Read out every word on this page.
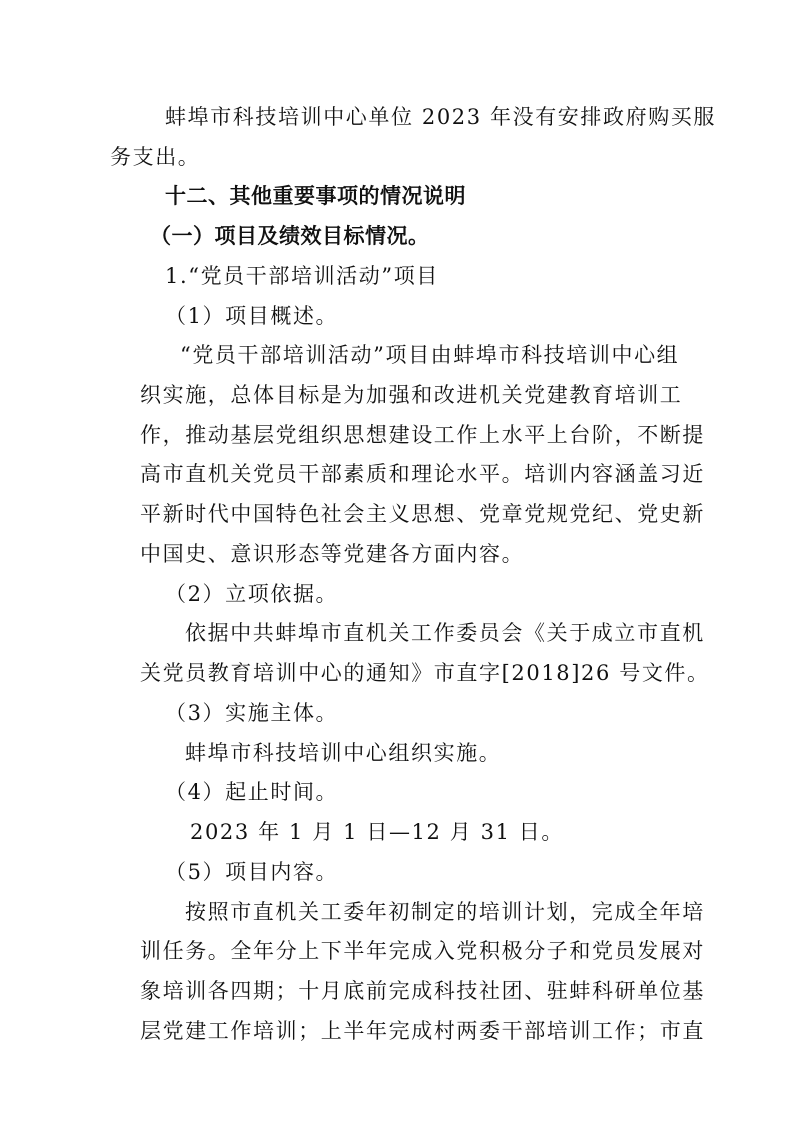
蚌埠市科技培训中心单位 2023 年没有安排政府购买服
务支出。
十二、其他重要事项的情况说明
（一）项目及绩效目标情况。
1.“党员干部培训活动”项目
（1）项目概述。
“党员干部培训活动”项目由蚌埠市科技培训中心组
织实施，总体目标是为加强和改进机关党建教育培训工
作，推动基层党组织思想建设工作上水平上台阶，不断提
高市直机关党员干部素质和理论水平。培训内容涵盖习近
平新时代中国特色社会主义思想、党章党规党纪、党史新
中国史、意识形态等党建各方面内容。
（2）立项依据。
依据中共蚌埠市直机关工作委员会《关于成立市直机
关党员教育培训中心的通知》市直字[2018]26 号文件。
（3）实施主体。
蚌埠市科技培训中心组织实施。
（4）起止时间。
2023 年 1 月 1 日—12 月 31 日。
（5）项目内容。
按照市直机关工委年初制定的培训计划，完成全年培
训任务。全年分上下半年完成入党积极分子和党员发展对
象培训各四期；十月底前完成科技社团、驻蚌科研单位基
层党建工作培训；上半年完成村两委干部培训工作；市直
